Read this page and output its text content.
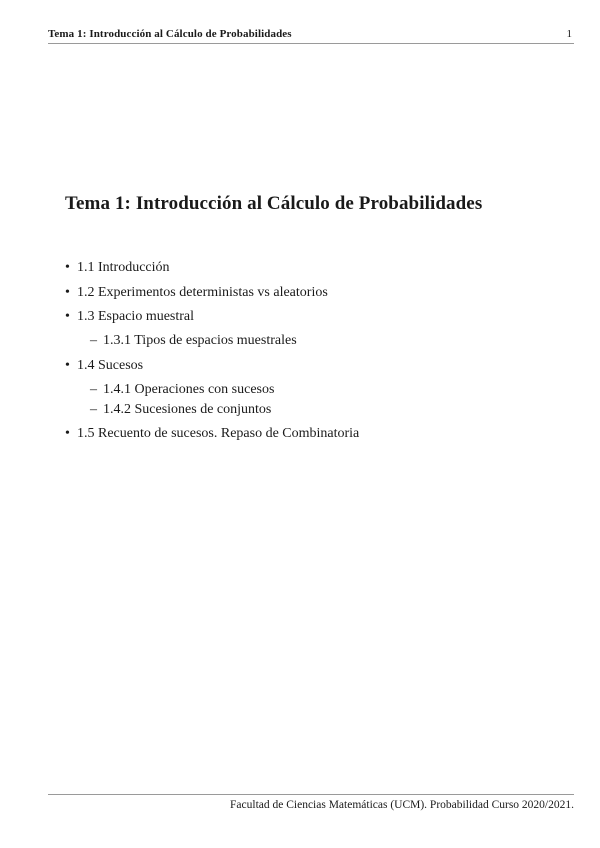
Tema 1: Introducción al Cálculo de Probabilidades	1
Tema 1: Introducción al Cálculo de Probabilidades
• 1.1 Introducción
• 1.2 Experimentos deterministas vs aleatorios
• 1.3 Espacio muestral
– 1.3.1 Tipos de espacios muestrales
• 1.4 Sucesos
– 1.4.1 Operaciones con sucesos
– 1.4.2 Sucesiones de conjuntos
• 1.5 Recuento de sucesos. Repaso de Combinatoria
Facultad de Ciencias Matemáticas (UCM). Probabilidad Curso 2020/2021.
